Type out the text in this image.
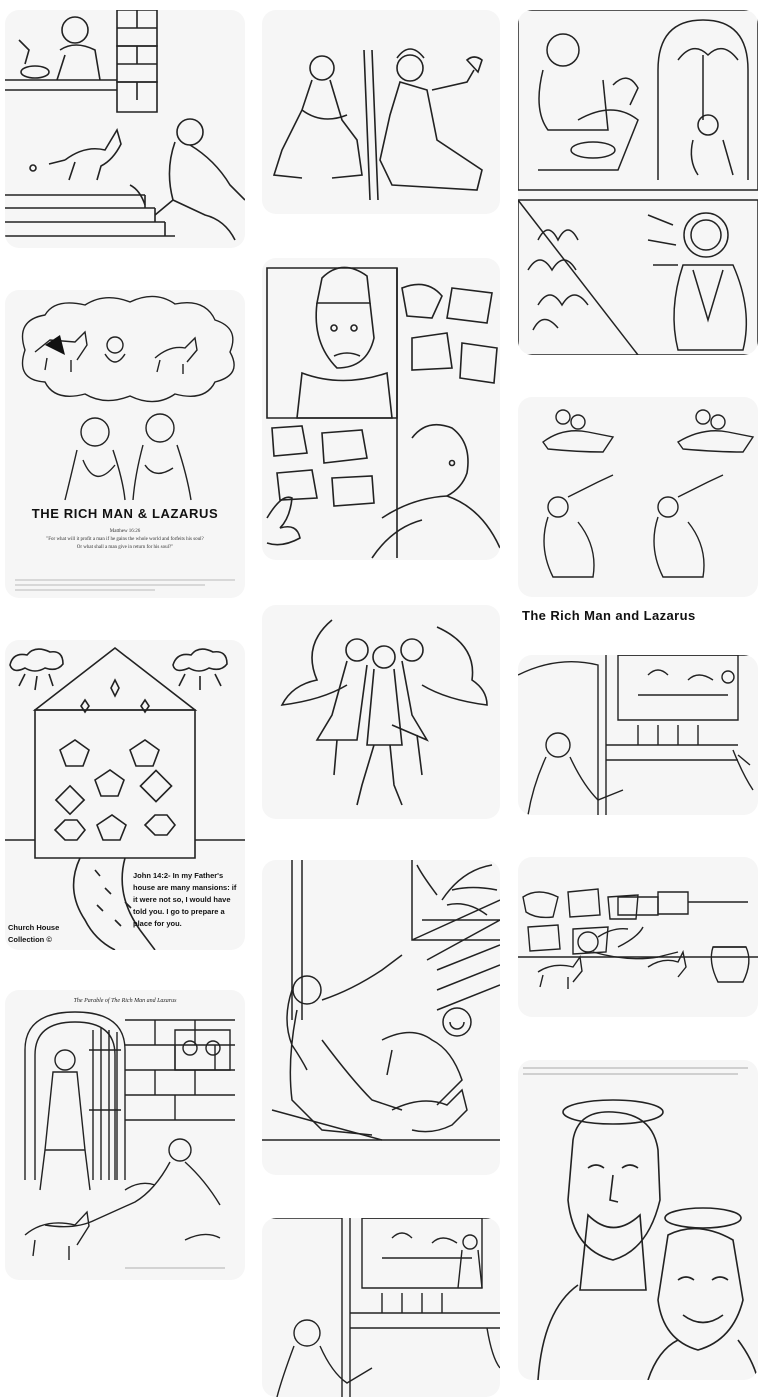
THE RICH MAN & LAZARUS
Matthew 16:26
"For what will it profit a man if he gains the whole world and forfeits his soul?
Or what shall a man give in return for his soul?"
John 14:2- In my Father's
house are many mansions: if
it were not so, I would have
told you. I go to prepare a
place for you.
Church House
Collection ©
The Parable of The Rich Man and Lazarus
The Rich Man and Lazarus
